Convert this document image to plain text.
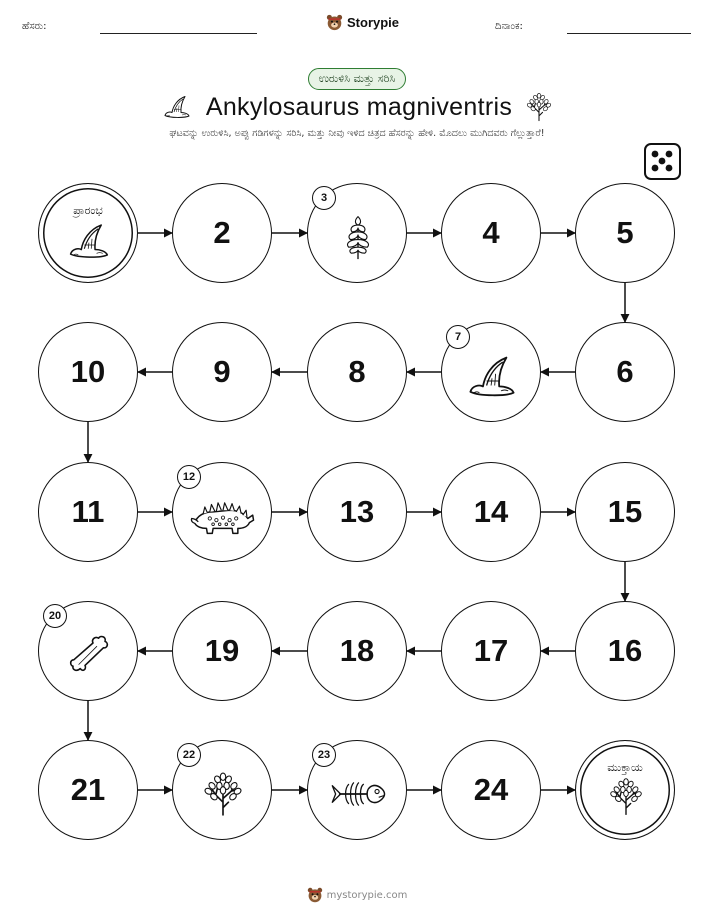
ಹೆಸರು:	Storypie	ದಿನಾಂಕ:
ಉರುಳಿಸಿ ಮತ್ತು ಸರಿಸಿ
Ankylosaurus magniventris
ಘಟವನ್ನು ಉರುಳಿಸಿ, ಅಪ್ಪು ಗಡಿಗಳನ್ನು ಸರಿಸಿ, ಮತ್ತು ನೀವು ಇಳಿದ ಚಿತ್ರದ ಹೆಸರನ್ನು ಹೇಳಿ. ಮೊದಲು ಮುಗಿದವರು ಗೆಲ್ಲುತ್ತಾರೆ!
ಪ್ರಾರಂಭ
2
3
4	5
6
7
8
9
10
11
12
13	14	15
16
17
18
19
20
21
22	23
24
ಮುಕ್ತಾಯ
mystorypie.com
